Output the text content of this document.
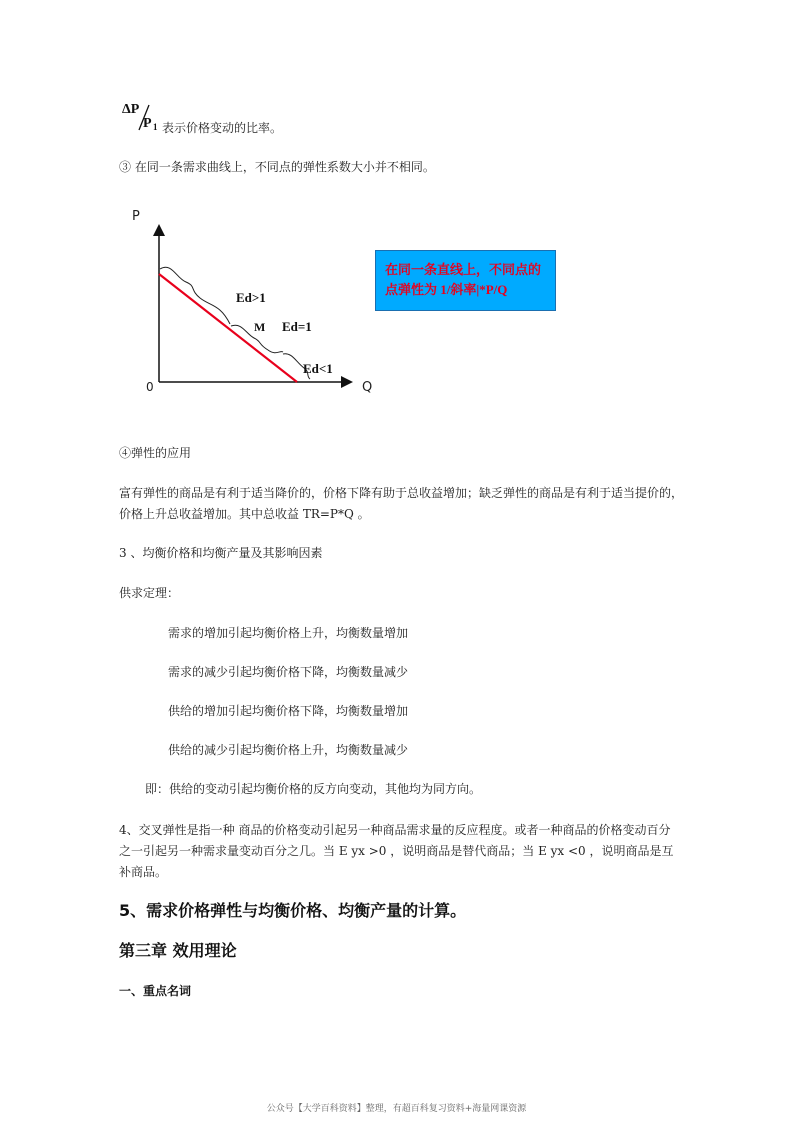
ΔP
P 1 表示价格变动的比率。
③ 在同一条需求曲线上，不同点的弹性系数大小并不相同。
P
Q
0
Ed>1
M Ed=1
Ed<1
在同一条直线上，不同点的
点弹性为 1/斜率|*P/Q
④弹性的应用
富有弹性的商品是有利于适当降价的，价格下降有助于总收益增加；缺乏弹性的商品是有利于适当提价的，
价格上升总收益增加。其中总收益 TR=P*Q 。
3 、均衡价格和均衡产量及其影响因素
供求定理：
需求的增加引起均衡价格上升，均衡数量增加
需求的减少引起均衡价格下降，均衡数量减少
供给的增加引起均衡价格下降，均衡数量增加
供给的减少引起均衡价格上升，均衡数量减少
即：供给的变动引起均衡价格的反方向变动，其他均为同方向。
4、交叉弹性是指一种 商品的价格变动引起另一种商品需求量的反应程度。或者一种商品的价格变动百分
之一引起另一种需求量变动百分之几。当 E yx >0 ，说明商品是替代商品；当 E yx <0 ，说明商品是互
补商品。
5、需求价格弹性与均衡价格、均衡产量的计算。
第三章 效用理论
一、重点名词
公众号【大学百科资料】整理，有超百科复习资料+海量网课资源
